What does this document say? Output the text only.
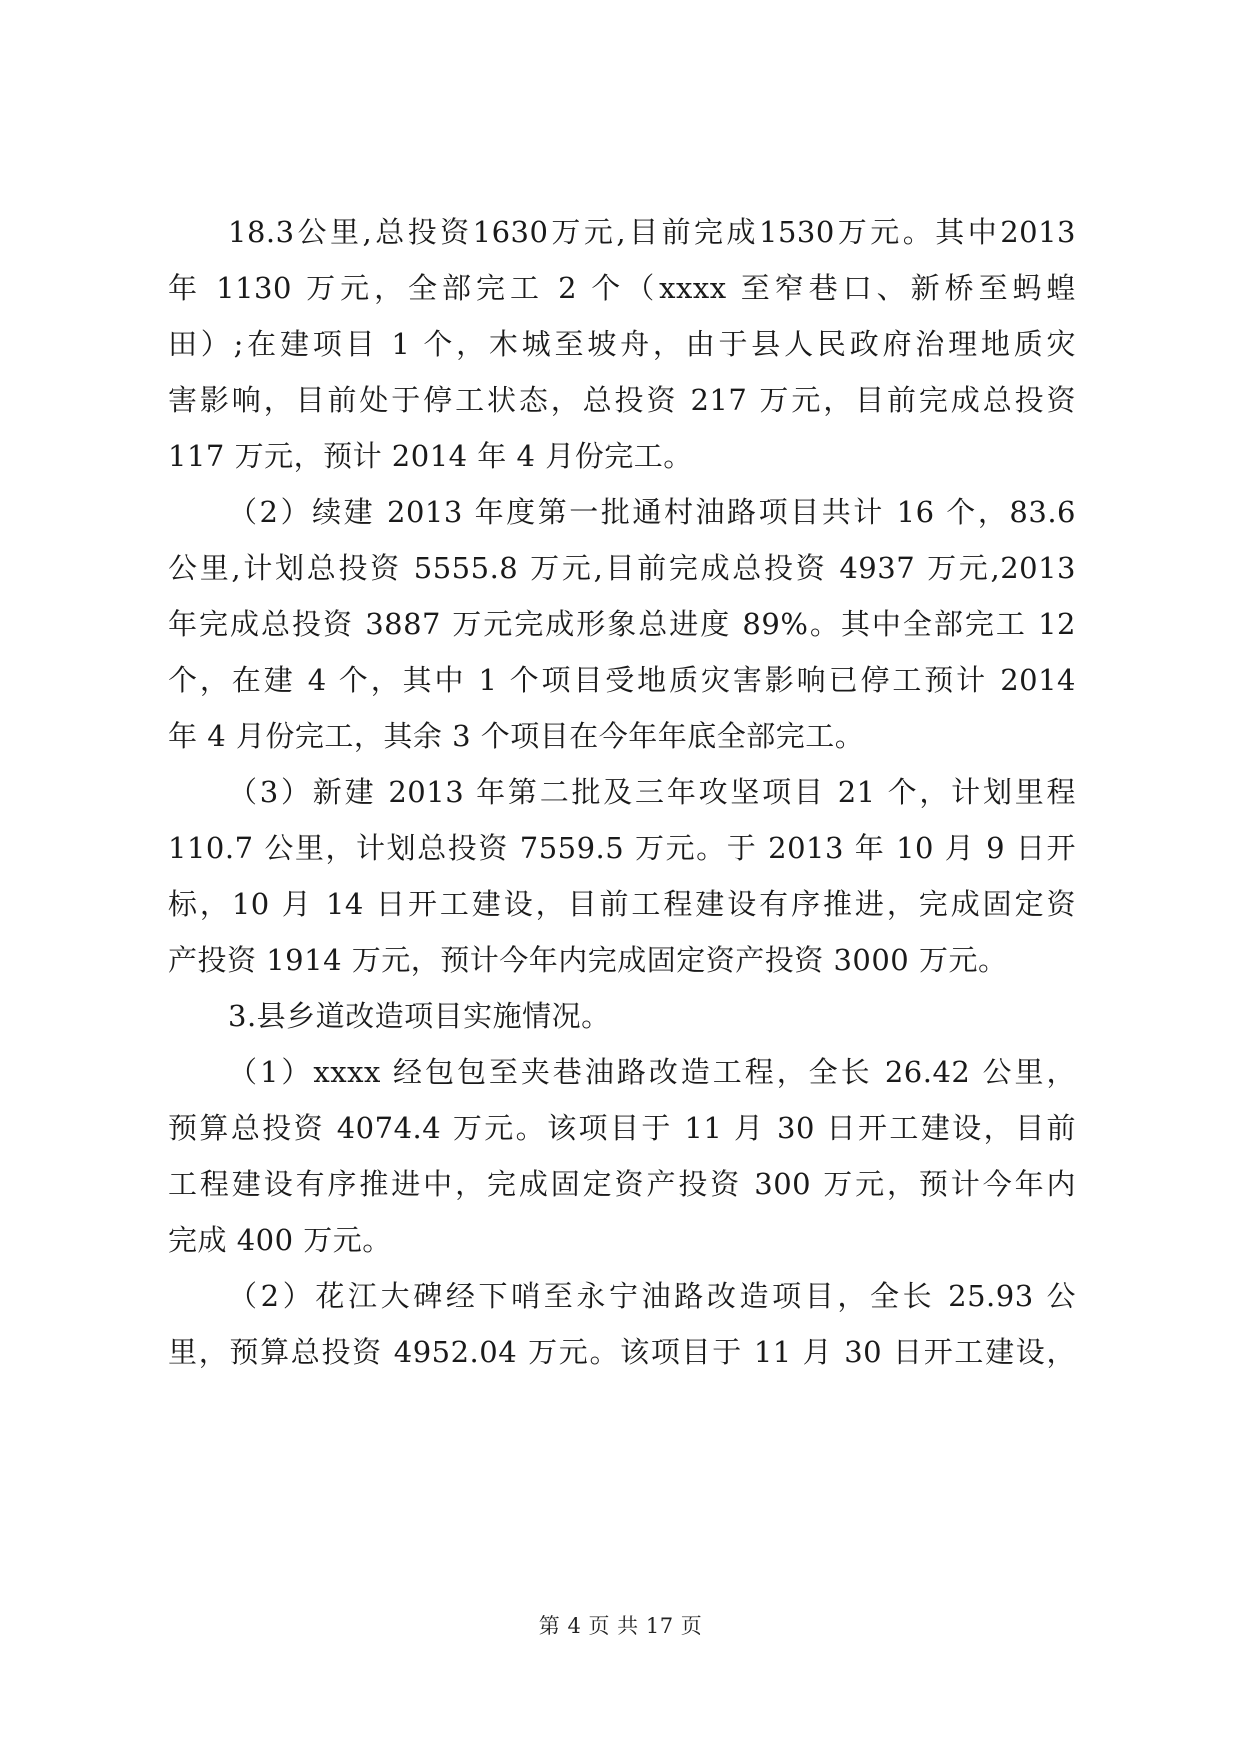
18.3公里,总投资1630万元,目前完成1530万元。其中2013
年 1130 万元，全部完工 2 个（xxxx 至窄巷口、新桥至蚂蝗
田）;在建项目 1 个，木城至坡舟，由于县人民政府治理地质灾
害影响，目前处于停工状态，总投资 217 万元，目前完成总投资
117 万元，预计 2014 年 4 月份完工。
（2）续建 2013 年度第一批通村油路项目共计 16 个，83.6
公里,计划总投资 5555.8 万元,目前完成总投资 4937 万元,2013
年完成总投资 3887 万元完成形象总进度 89%。其中全部完工 12
个，在建 4 个，其中 1 个项目受地质灾害影响已停工预计 2014
年 4 月份完工，其余 3 个项目在今年年底全部完工。
（3）新建 2013 年第二批及三年攻坚项目 21 个，计划里程
110.7 公里，计划总投资 7559.5 万元。于 2013 年 10 月 9 日开
标，10 月 14 日开工建设，目前工程建设有序推进，完成固定资
产投资 1914 万元，预计今年内完成固定资产投资 3000 万元。
3.县乡道改造项目实施情况。
（1）xxxx 经包包至夹巷油路改造工程，全长 26.42 公里，
预算总投资 4074.4 万元。该项目于 11 月 30 日开工建设，目前
工程建设有序推进中，完成固定资产投资 300 万元，预计今年内
完成 400 万元。
（2）花江大碑经下哨至永宁油路改造项目，全长 25.93 公
里，预算总投资 4952.04 万元。该项目于 11 月 30 日开工建设，
第 4 页 共 17 页
